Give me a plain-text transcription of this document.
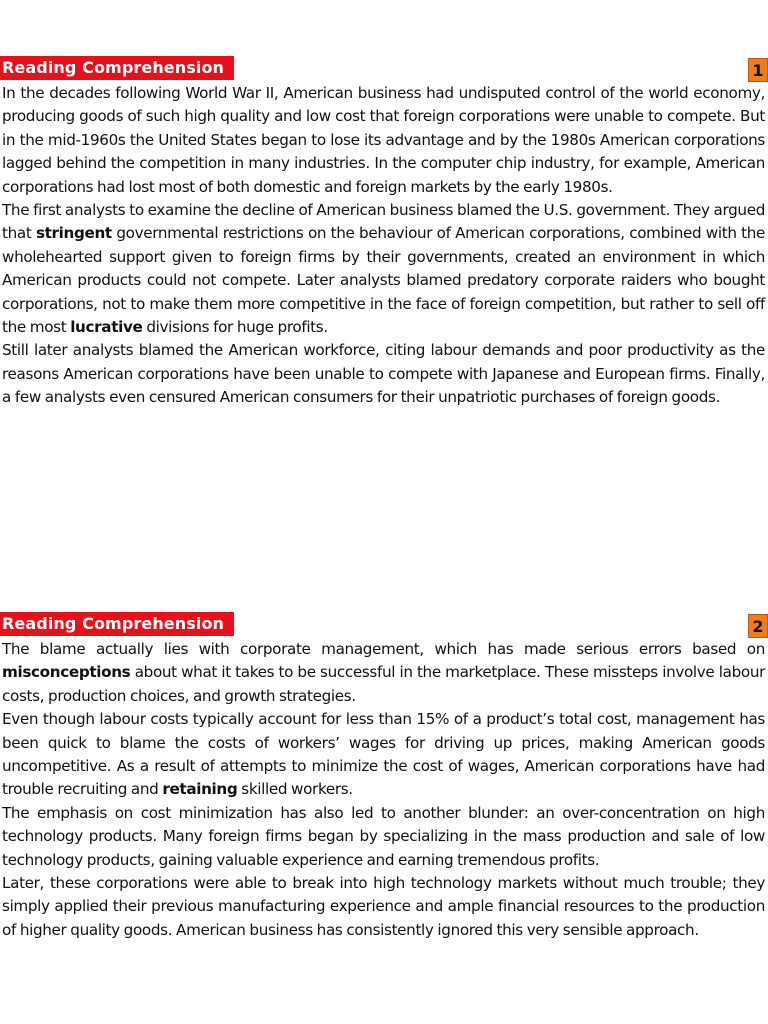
Reading Comprehension	1

In the decades following World War II, American business had undisputed control of the world economy, producing goods of such high quality and low cost that foreign corporations were unable to compete. But in the mid-1960s the United States began to lose its advantage and by the 1980s American corporations lagged behind the competition in many industries. In the computer chip industry, for example, American corporations had lost most of both domestic and foreign markets by the early 1980s.

The first analysts to examine the decline of American business blamed the U.S. government. They argued that stringent governmental restrictions on the behaviour of American corporations, combined with the wholehearted support given to foreign firms by their governments, created an environment in which American products could not compete. Later analysts blamed predatory corporate raiders who bought corporations, not to make them more competitive in the face of foreign competition, but rather to sell off the most lucrative divisions for huge profits.

Still later analysts blamed the American workforce, citing labour demands and poor productivity as the reasons American corporations have been unable to compete with Japanese and European firms. Finally, a few analysts even censured American consumers for their unpatriotic purchases of foreign goods.

Reading Comprehension	2

The blame actually lies with corporate management, which has made serious errors based on misconceptions about what it takes to be successful in the marketplace. These missteps involve labour costs, production choices, and growth strategies.

Even though labour costs typically account for less than 15% of a product’s total cost, management has been quick to blame the costs of workers’ wages for driving up prices, making American goods uncompetitive. As a result of attempts to minimize the cost of wages, American corporations have had trouble recruiting and retaining skilled workers.

The emphasis on cost minimization has also led to another blunder: an over-concentration on high technology products. Many foreign firms began by specializing in the mass production and sale of low technology products, gaining valuable experience and earning tremendous profits.

Later, these corporations were able to break into high technology markets without much trouble; they simply applied their previous manufacturing experience and ample financial resources to the production of higher quality goods. American business has consistently ignored this very sensible approach.
